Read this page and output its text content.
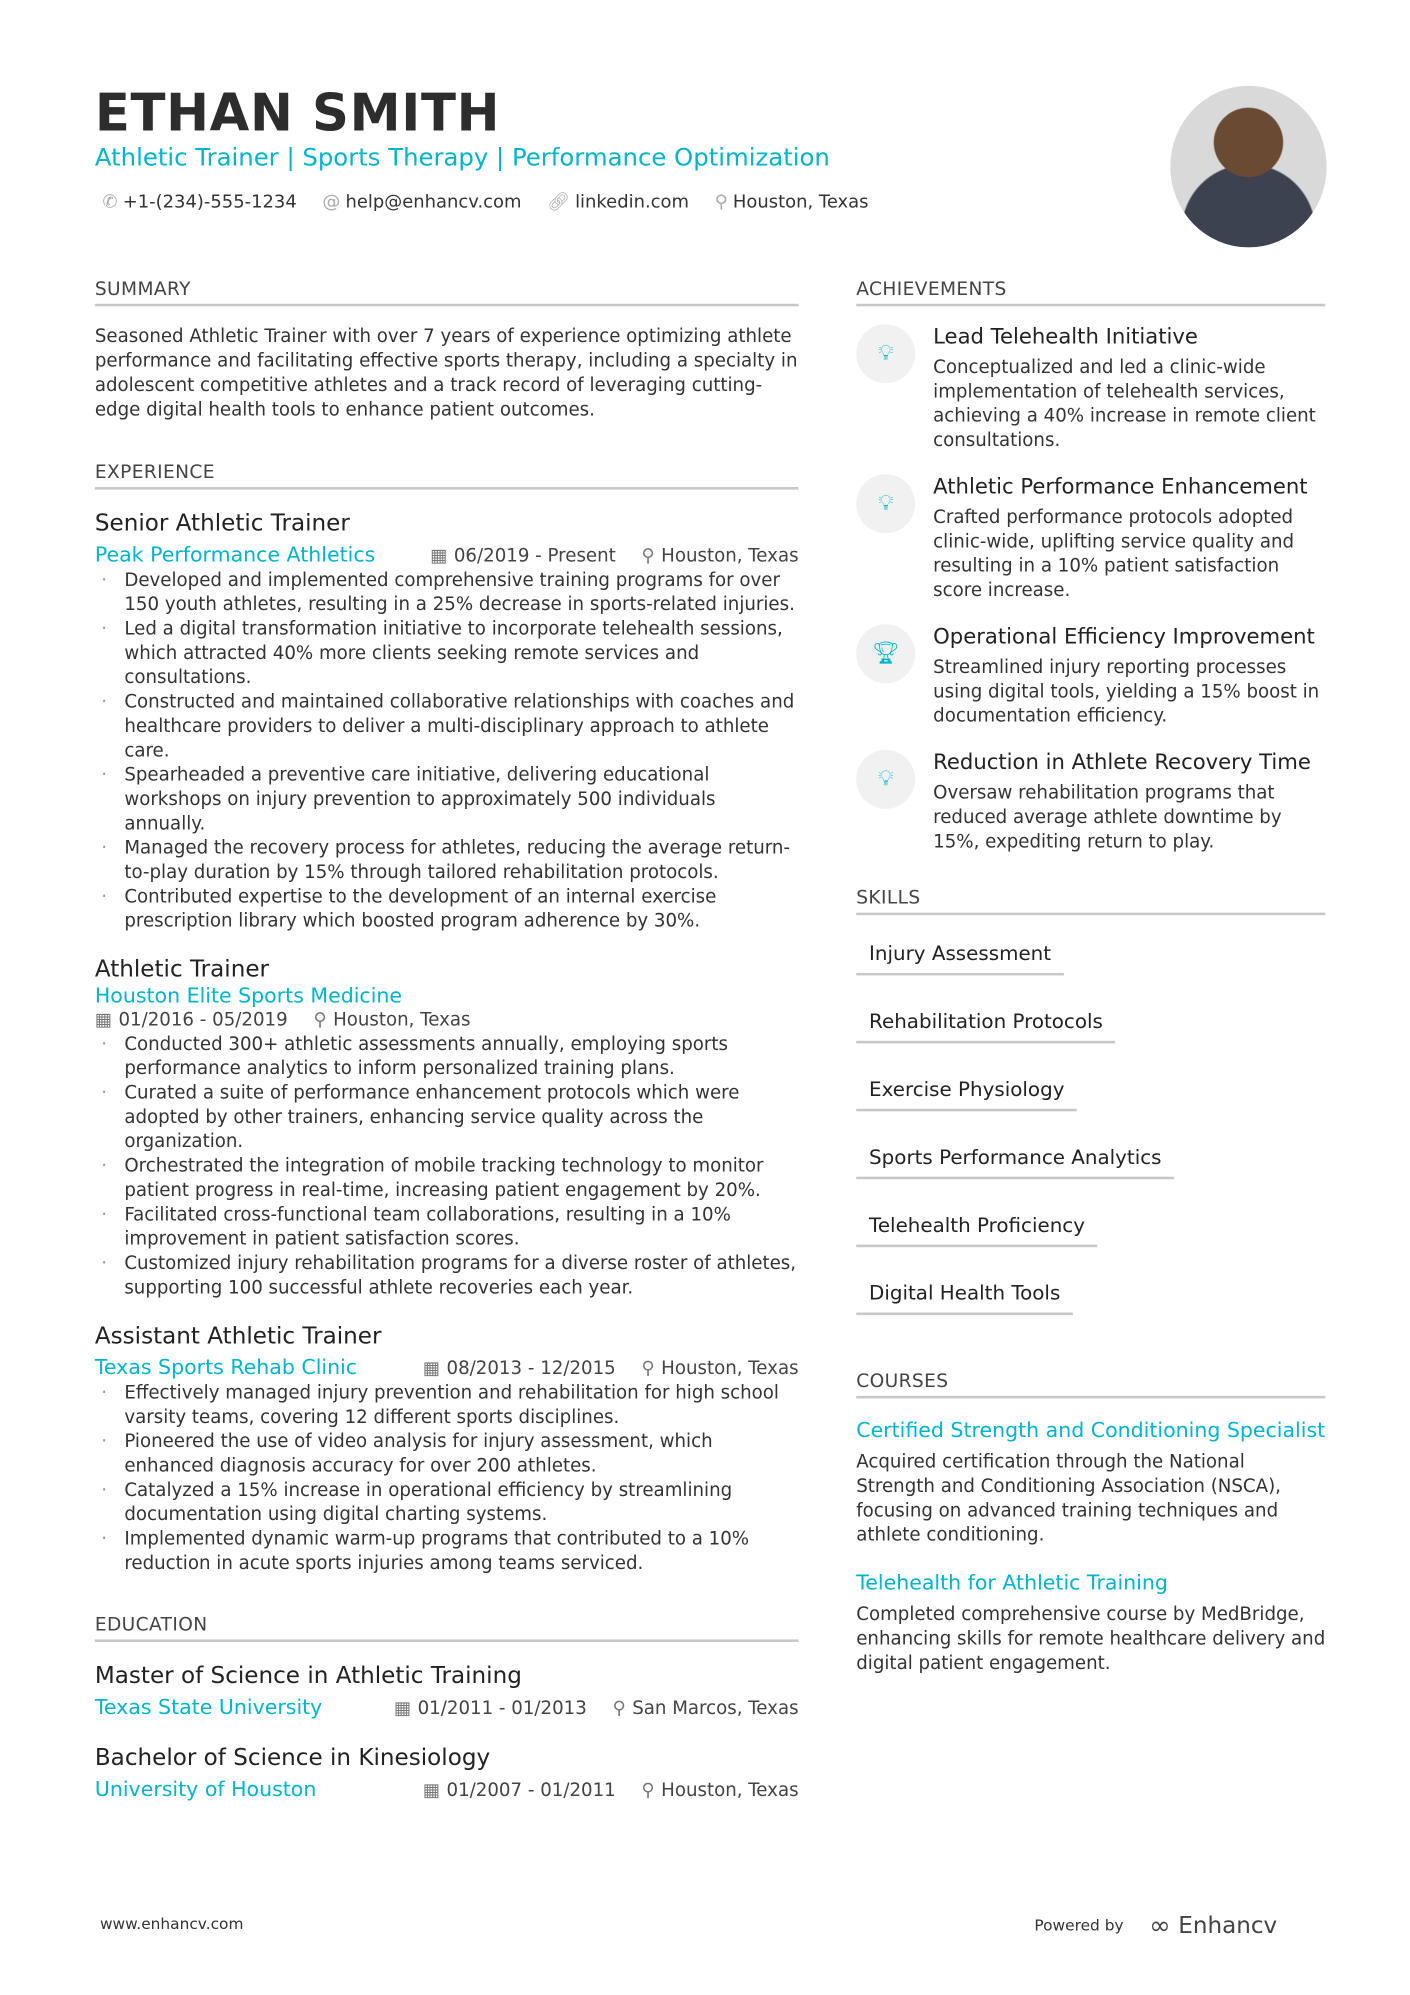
ETHAN SMITH
Athletic Trainer | Sports Therapy | Performance Optimization
✆ +1-(234)-555-1234 @ help@enhancv.com 🔗︎ linkedin.com ⚲ Houston, Texas
SUMMARY
Seasoned Athletic Trainer with over 7 years of experience optimizing athlete performance and facilitating effective sports therapy, including a specialty in adolescent competitive athletes and a track record of leveraging cutting-edge digital health tools to enhance patient outcomes.
EXPERIENCE
Senior Athletic Trainer
Peak Performance Athletics	▦ 06/2019 - Present ⚲ Houston, Texas
· Developed and implemented comprehensive training programs for over 150 youth athletes, resulting in a 25% decrease in sports-related injuries.
· Led a digital transformation initiative to incorporate telehealth sessions, which attracted 40% more clients seeking remote services and consultations.
· Constructed and maintained collaborative relationships with coaches and healthcare providers to deliver a multi-disciplinary approach to athlete care.
· Spearheaded a preventive care initiative, delivering educational workshops on injury prevention to approximately 500 individuals annually.
· Managed the recovery process for athletes, reducing the average return-to-play duration by 15% through tailored rehabilitation protocols.
· Contributed expertise to the development of an internal exercise prescription library which boosted program adherence by 30%.
Athletic Trainer
Houston Elite Sports Medicine
▦ 01/2016 - 05/2019 ⚲ Houston, Texas
· Conducted 300+ athletic assessments annually, employing sports performance analytics to inform personalized training plans.
· Curated a suite of performance enhancement protocols which were adopted by other trainers, enhancing service quality across the organization.
· Orchestrated the integration of mobile tracking technology to monitor patient progress in real-time, increasing patient engagement by 20%.
· Facilitated cross-functional team collaborations, resulting in a 10% improvement in patient satisfaction scores.
· Customized injury rehabilitation programs for a diverse roster of athletes, supporting 100 successful athlete recoveries each year.
Assistant Athletic Trainer
Texas Sports Rehab Clinic	▦ 08/2013 - 12/2015 ⚲ Houston, Texas
· Effectively managed injury prevention and rehabilitation for high school varsity teams, covering 12 different sports disciplines.
· Pioneered the use of video analysis for injury assessment, which enhanced diagnosis accuracy for over 200 athletes.
· Catalyzed a 15% increase in operational efficiency by streamlining documentation using digital charting systems.
· Implemented dynamic warm-up programs that contributed to a 10% reduction in acute sports injuries among teams serviced.
EDUCATION
Master of Science in Athletic Training
Texas State University	▦ 01/2011 - 01/2013 ⚲ San Marcos, Texas
Bachelor of Science in Kinesiology
University of Houston	▦ 01/2007 - 01/2011 ⚲ Houston, Texas
ACHIEVEMENTS
💡︎
Lead Telehealth Initiative
Conceptualized and led a clinic-wide implementation of telehealth services, achieving a 40% increase in remote client consultations.
💡︎
Athletic Performance Enhancement
Crafted performance protocols adopted clinic-wide, uplifting service quality and resulting in a 10% patient satisfaction score increase.
🏆︎
Operational Efficiency Improvement
Streamlined injury reporting processes using digital tools, yielding a 15% boost in documentation efficiency.
💡︎
Reduction in Athlete Recovery Time
Oversaw rehabilitation programs that reduced average athlete downtime by 15%, expediting return to play.
SKILLS
Injury Assessment
Rehabilitation Protocols
Exercise Physiology
Sports Performance Analytics
Telehealth Proficiency
Digital Health Tools
COURSES
Certified Strength and Conditioning Specialist
Acquired certification through the National Strength and Conditioning Association (NSCA), focusing on advanced training techniques and athlete conditioning.
Telehealth for Athletic Training
Completed comprehensive course by MedBridge, enhancing skills for remote healthcare delivery and digital patient engagement.
www.enhancv.com	Powered by ∞ Enhancv
